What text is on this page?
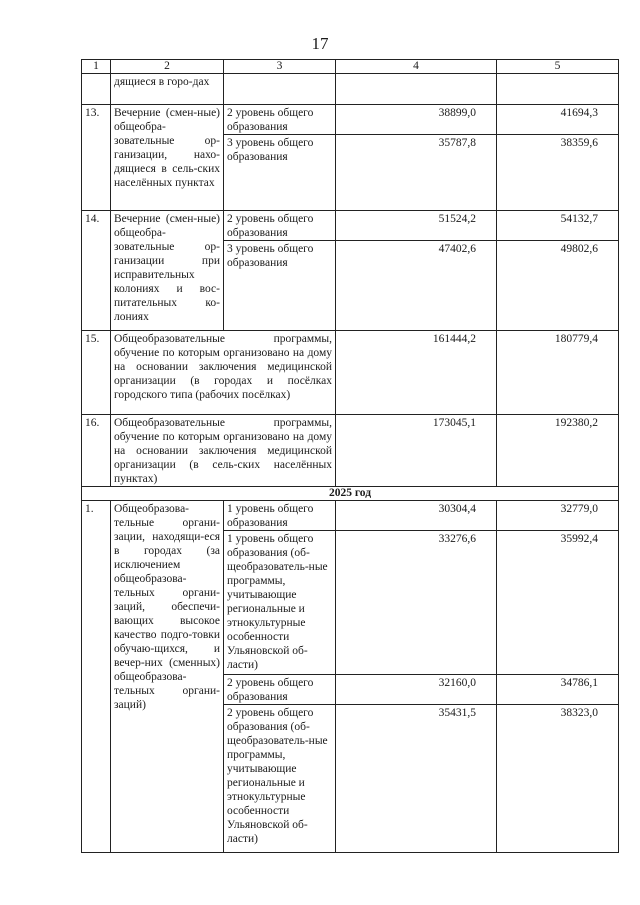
17
1	2	3	4	5
	дящиеся в горо-дах			
13.	Вечерние (смен-ные) общеобра-зовательные ор-ганизации, нахо-дящиеся в сель-ских населённых пунктах	2 уровень общего образования	38899,0	41694,3
		3 уровень общего образования	35787,8	38359,6
14.	Вечерние (смен-ные) общеобра-зовательные ор-ганизации при исправительных колониях и вос-питательных ко-лониях	2 уровень общего образования	51524,2	54132,7
		3 уровень общего образования	47402,6	49802,6
15.	Общеобразовательные программы, обучение по которым организовано на дому на основании заключения медицинской организации (в городах и посёлках городского типа (рабочих посёлках)		161444,2	180779,4
16.	Общеобразовательные программы, обучение по которым организовано на дому на основании заключения медицинской организации (в сель-ских населённых пунктах)		173045,1	192380,2
2025 год				
1.	Общеобразова-тельные органи-зации, находящи-еся в городах (за исключением общеобразова-тельных органи-заций, обеспечи-вающих высокое качество подго-товки обучаю-щихся, и вечер-них (сменных) общеобразова-тельных органи-заций)	1 уровень общего образования	30304,4	32779,0
		1 уровень общего образования (об-щеобразователь-ные программы, учитывающие региональные и этнокультурные особенности Ульяновской об-ласти)	33276,6	35992,4
		2 уровень общего образования	32160,0	34786,1
		2 уровень общего образования (об-щеобразователь-ные программы, учитывающие региональные и этнокультурные особенности Ульяновской об-ласти)	35431,5	38323,0
